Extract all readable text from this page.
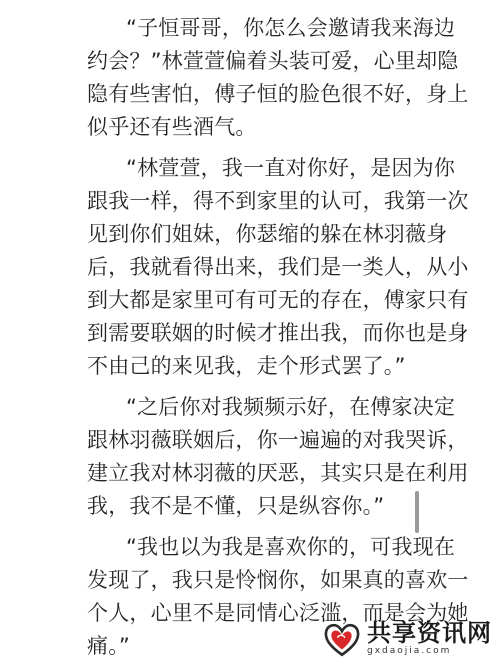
“子恒哥哥，你怎么会邀请我来海边
约会？”林萱萱偏着头装可爱，心里却隐
隐有些害怕，傅子恒的脸色很不好，身上
似乎还有些酒气。
“林萱萱，我一直对你好，是因为你
跟我一样，得不到家里的认可，我第一次
见到你们姐妹，你瑟缩的躲在林羽薇身
后，我就看得出来，我们是一类人，从小
到大都是家里可有可无的存在，傅家只有
到需要联姻的时候才推出我，而你也是身
不由己的来见我，走个形式罢了。”
“之后你对我频频示好，在傅家决定
跟林羽薇联姻后，你一遍遍的对我哭诉，
建立我对林羽薇的厌恶，其实只是在利用
我，我不是不懂，只是纵容你。”
“我也以为我是喜欢你的，可我现在
发现了，我只是怜悯你，如果真的喜欢一
个人，心里不是同情心泛滥，而是会为她
痛。”	共享资讯网
gxdaojia.com
